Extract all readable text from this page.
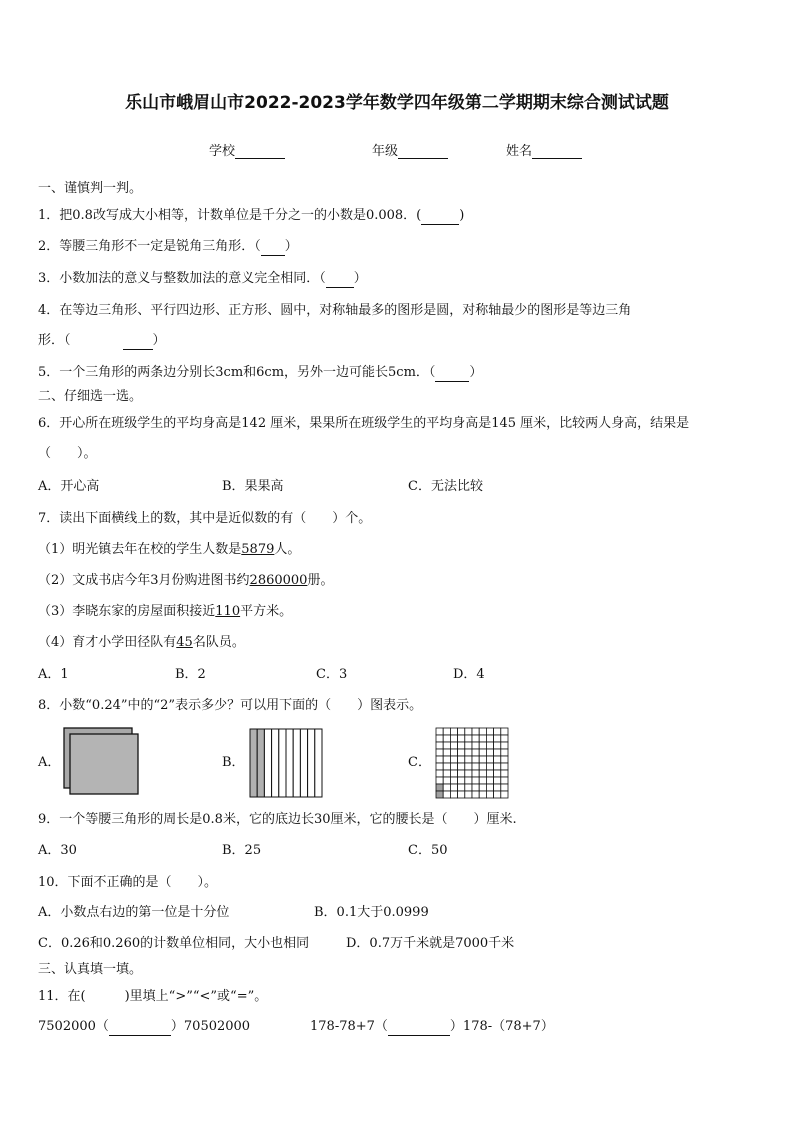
乐山市峨眉山市2022-2023学年数学四年级第二学期期末综合测试试题
学校	年级	姓名
一、谨慎判一判。
1．把0.8改写成大小相等，计数单位是千分之一的小数是0.008．(	)
2．等腰三角形不一定是锐角三角形．（ ）
3．小数加法的意义与整数加法的意义完全相同．（ ）
4．在等边三角形、平行四边形、正方形、圆中，对称轴最多的图形是圆，对称轴最少的图形是等边三角
形．（	）
5．一个三角形的两条边分别长3cm和6cm，另外一边可能长5cm．（	）
二、仔细选一选。
6．开心所在班级学生的平均身高是142 厘米，果果所在班级学生的平均身高是145 厘米，比较两人身高，结果是
（　　）。
A．开心高	B．果果高	C．无法比较
7．读出下面横线上的数，其中是近似数的有（　　）个。
（1）明光镇去年在校的学生人数是5879人。
（2）文成书店今年3月份购进图书约2860000册。
（3）李晓东家的房屋面积接近110平方米。
（4）育才小学田径队有45名队员。
A．1	B．2	C．3	D．4
8．小数“0.24”中的“2”表示多少？可以用下面的（　　）图表示。
A．	B．	C．
9．一个等腰三角形的周长是0.8米，它的底边长30厘米，它的腰长是（　　）厘米.
A．30	B．25	C．50
10．下面不正确的是（　　）。
A．小数点右边的第一位是十分位	B．0.1大于0.0999
C．0.26和0.260的计数单位相同，大小也相同	D．0.7万千米就是7000千米
三、认真填一填。
11．在(　　　)里填上“>”“<”或“=”。
7502000（	）70502000	178-78+7（	）178-（78+7）
